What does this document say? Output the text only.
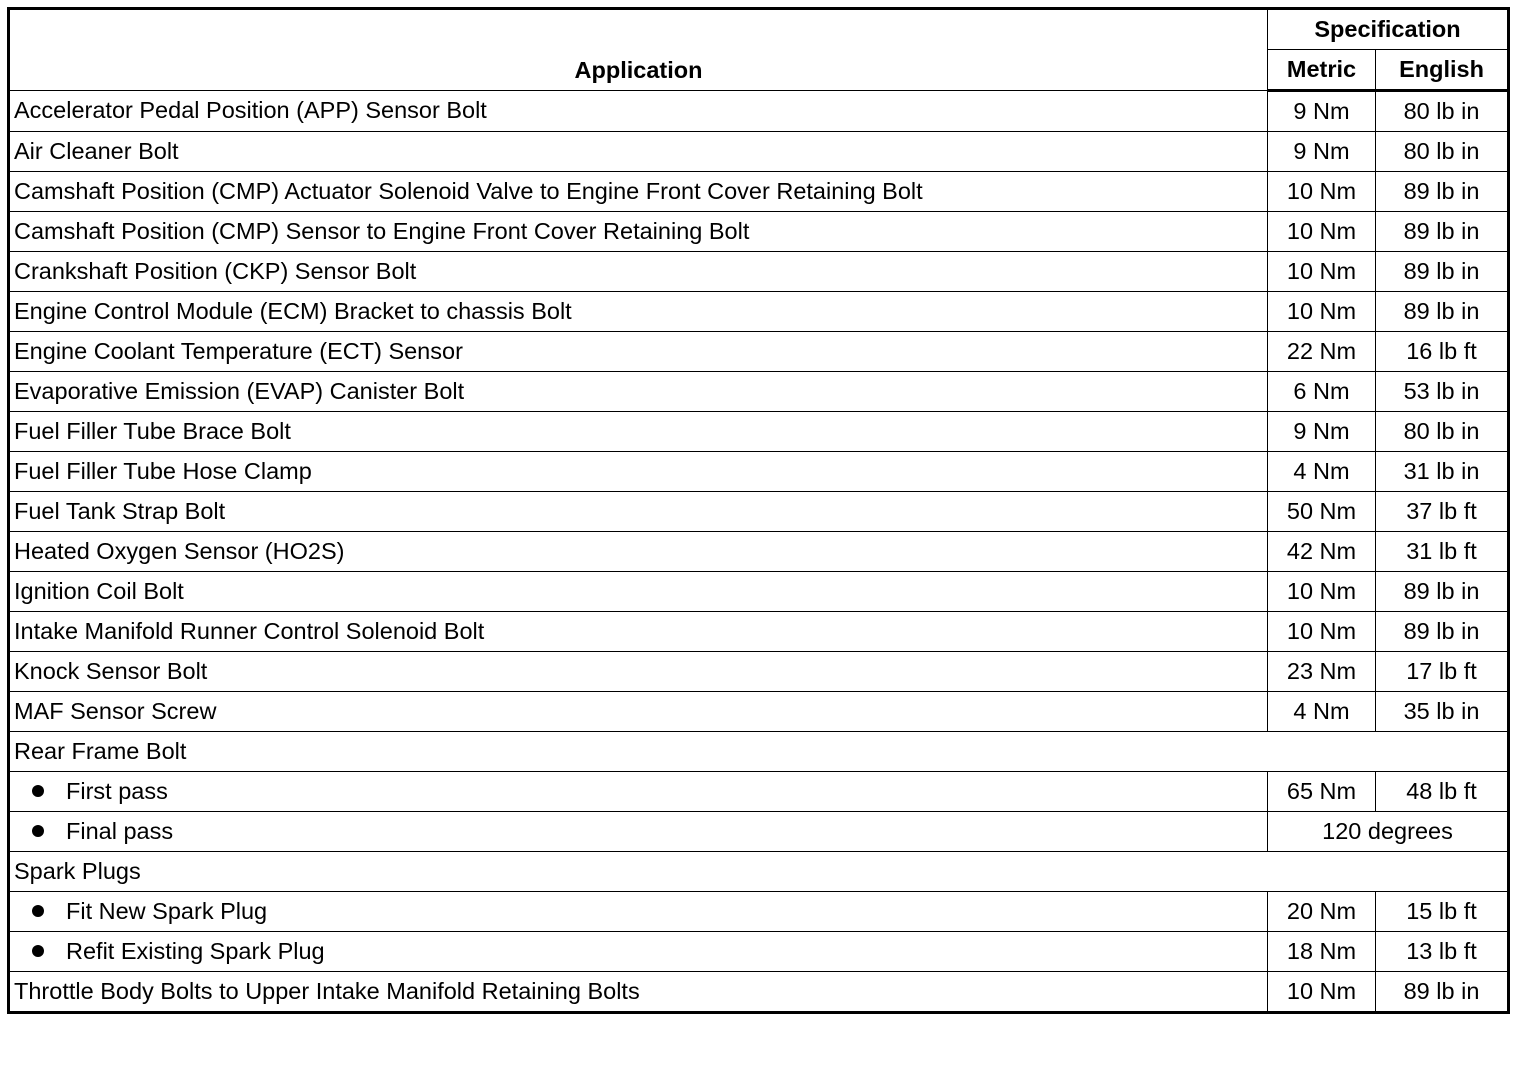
Application	Specification	
	Metric	English
Accelerator Pedal Position (APP) Sensor Bolt	9 Nm	80 lb in
Air Cleaner Bolt	9 Nm	80 lb in
Camshaft Position (CMP) Actuator Solenoid Valve to Engine Front Cover Retaining Bolt	10 Nm	89 lb in
Camshaft Position (CMP) Sensor to Engine Front Cover Retaining Bolt	10 Nm	89 lb in
Crankshaft Position (CKP) Sensor Bolt	10 Nm	89 lb in
Engine Control Module (ECM) Bracket to chassis Bolt	10 Nm	89 lb in
Engine Coolant Temperature (ECT) Sensor	22 Nm	16 lb ft
Evaporative Emission (EVAP) Canister Bolt	6 Nm	53 lb in
Fuel Filler Tube Brace Bolt	9 Nm	80 lb in
Fuel Filler Tube Hose Clamp	4 Nm	31 lb in
Fuel Tank Strap Bolt	50 Nm	37 lb ft
Heated Oxygen Sensor (HO2S)	42 Nm	31 lb ft
Ignition Coil Bolt	10 Nm	89 lb in
Intake Manifold Runner Control Solenoid Bolt	10 Nm	89 lb in
Knock Sensor Bolt	23 Nm	17 lb ft
MAF Sensor Screw	4 Nm	35 lb in
Rear Frame Bolt		
First pass	65 Nm	48 lb ft
Final pass	120 degrees	
Spark Plugs		
Fit New Spark Plug	20 Nm	15 lb ft
Refit Existing Spark Plug	18 Nm	13 lb ft
Throttle Body Bolts to Upper Intake Manifold Retaining Bolts	10 Nm	89 lb in
